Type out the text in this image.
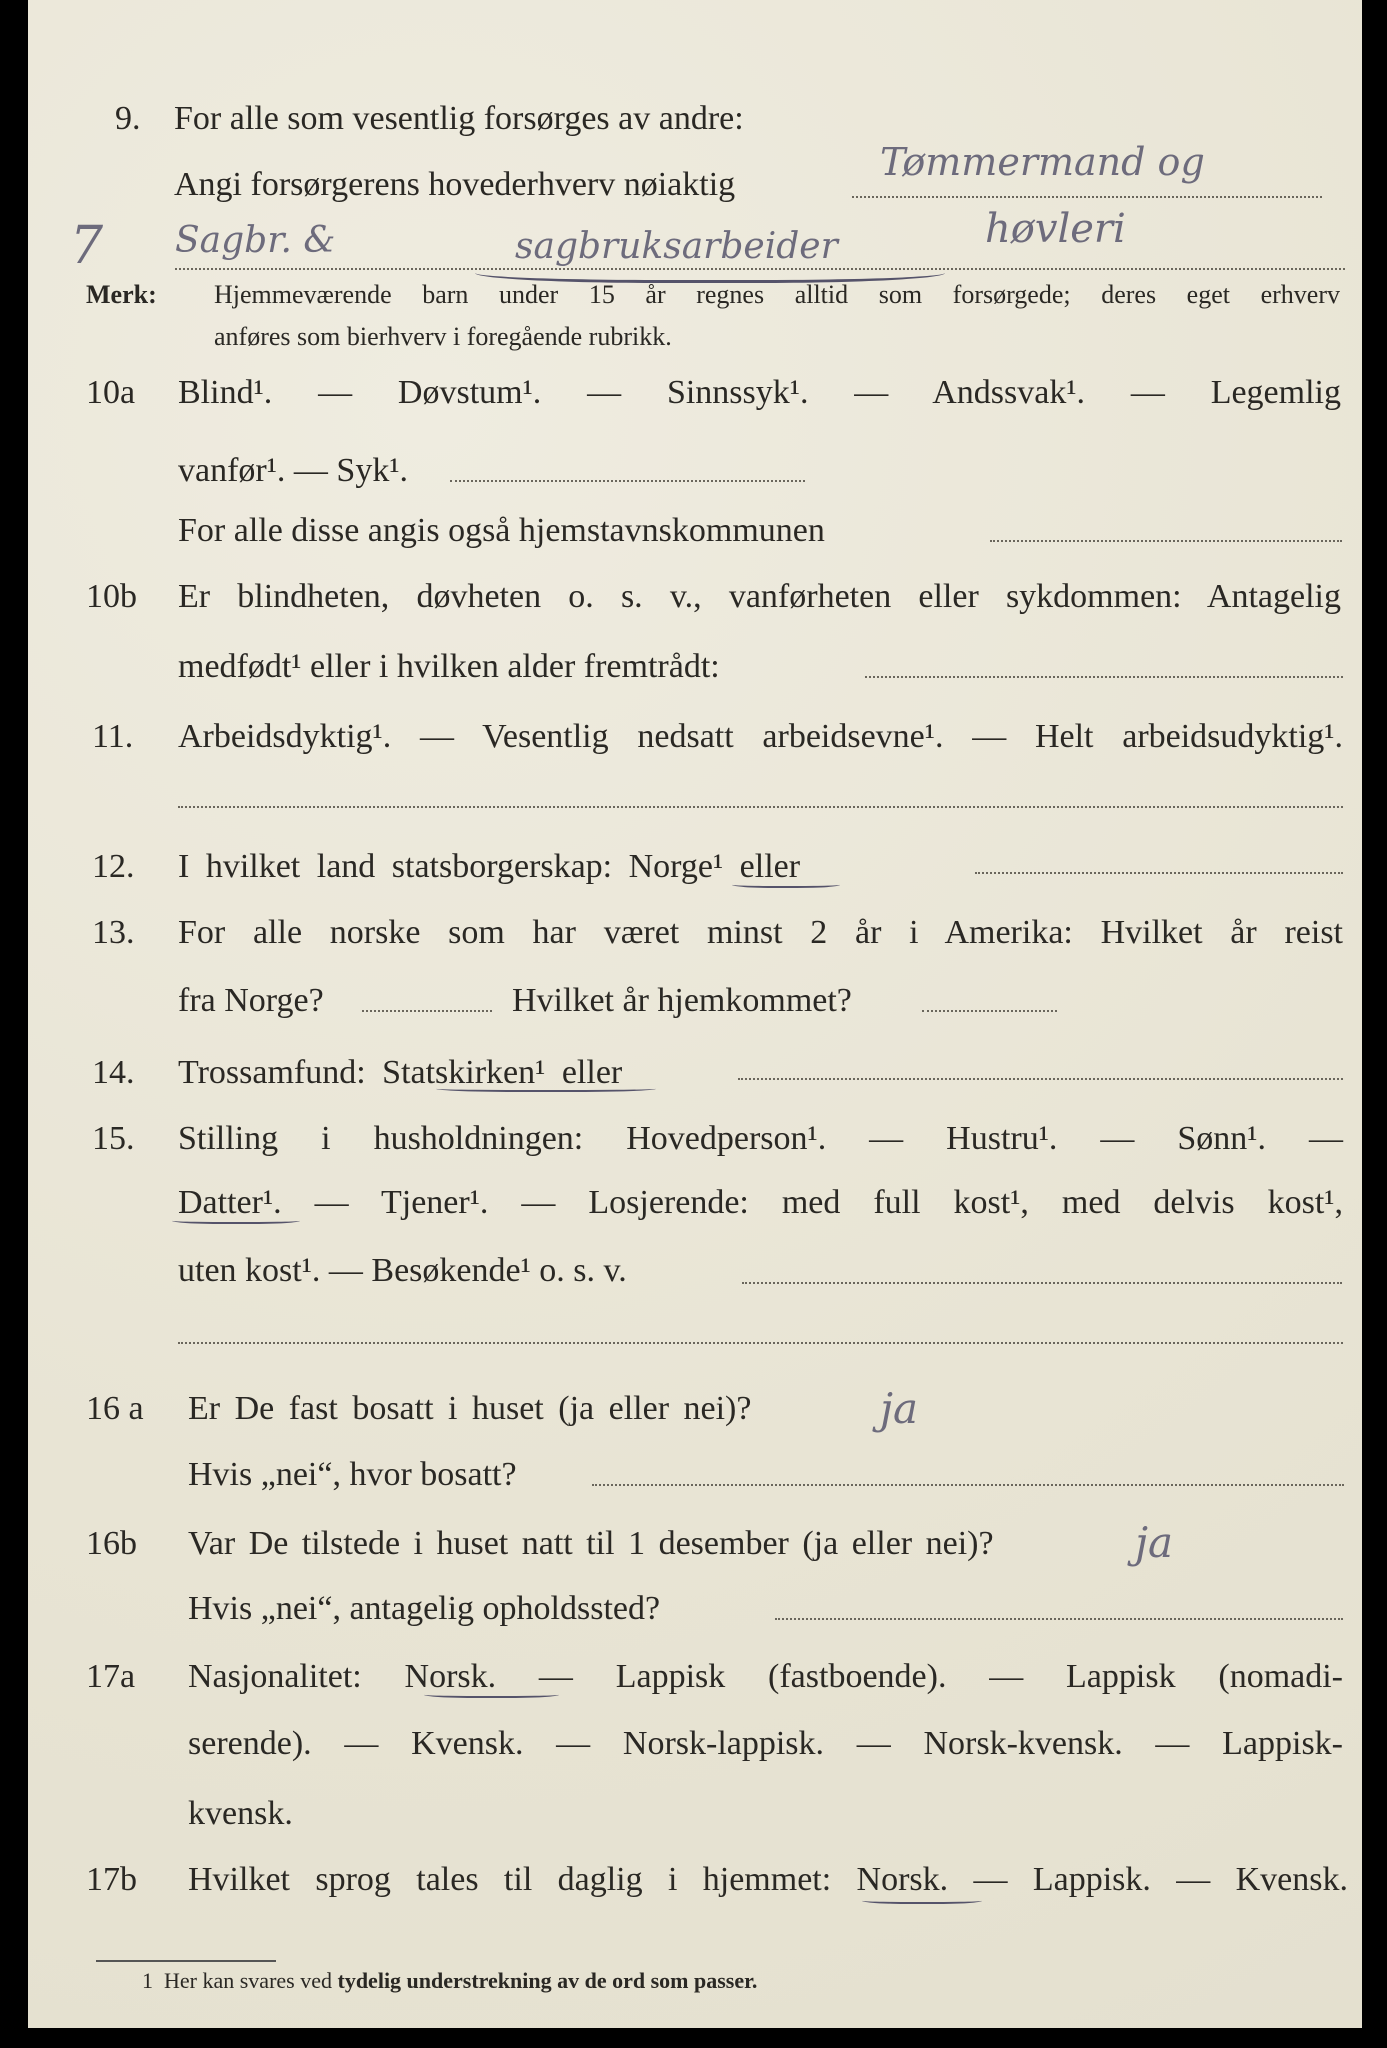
9. For alle som vesentlig forsørges av andre:
Angi forsørgerens hovederhverv nøiaktig
Tømmermand og
7 Sagbr. &	sagbruksarbeider	høvleri
Merk: Hjemmeværende barn under 15 år regnes alltid som forsørgede; deres eget erhverv
anføres som bierhverv i foregående rubrikk.
10a Blind¹. — Døvstum¹. — Sinnssyk¹. — Andssvak¹. — Legemlig
vanfør¹. — Syk¹.
For alle disse angis også hjemstavnskommunen
10b Er blindheten, døvheten o. s. v., vanførheten eller sykdommen: Antagelig
medfødt¹ eller i hvilken alder fremtrådt:
11. Arbeidsdyktig¹. — Vesentlig nedsatt arbeidsevne¹. — Helt arbeidsudyktig¹.
12. I hvilket land statsborgerskap: Norge¹ eller
13. For alle norske som har været minst 2 år i Amerika: Hvilket år reist
fra Norge?	Hvilket år hjemkommet?
14. Trossamfund: Statskirken¹ eller
15. Stilling i husholdningen: Hovedperson¹. — Hustru¹. — Sønn¹. —
Datter¹. — Tjener¹. — Losjerende: med full kost¹, med delvis kost¹,
uten kost¹. — Besøkende¹ o. s. v.
16 a Er De fast bosatt i huset (ja eller nei)?	ja
Hvis „nei“, hvor bosatt?
16b Var De tilstede i huset natt til 1 desember (ja eller nei)?	ja
Hvis „nei“, antagelig opholdssted?
17a Nasjonalitet: Norsk. — Lappisk (fastboende). — Lappisk (nomadi-
serende). — Kvensk. — Norsk-lappisk. — Norsk-kvensk. — Lappisk-
kvensk.
17b Hvilket sprog tales til daglig i hjemmet: Norsk. — Lappisk. — Kvensk.
1 Her kan svares ved tydelig understrekning av de ord som passer.
